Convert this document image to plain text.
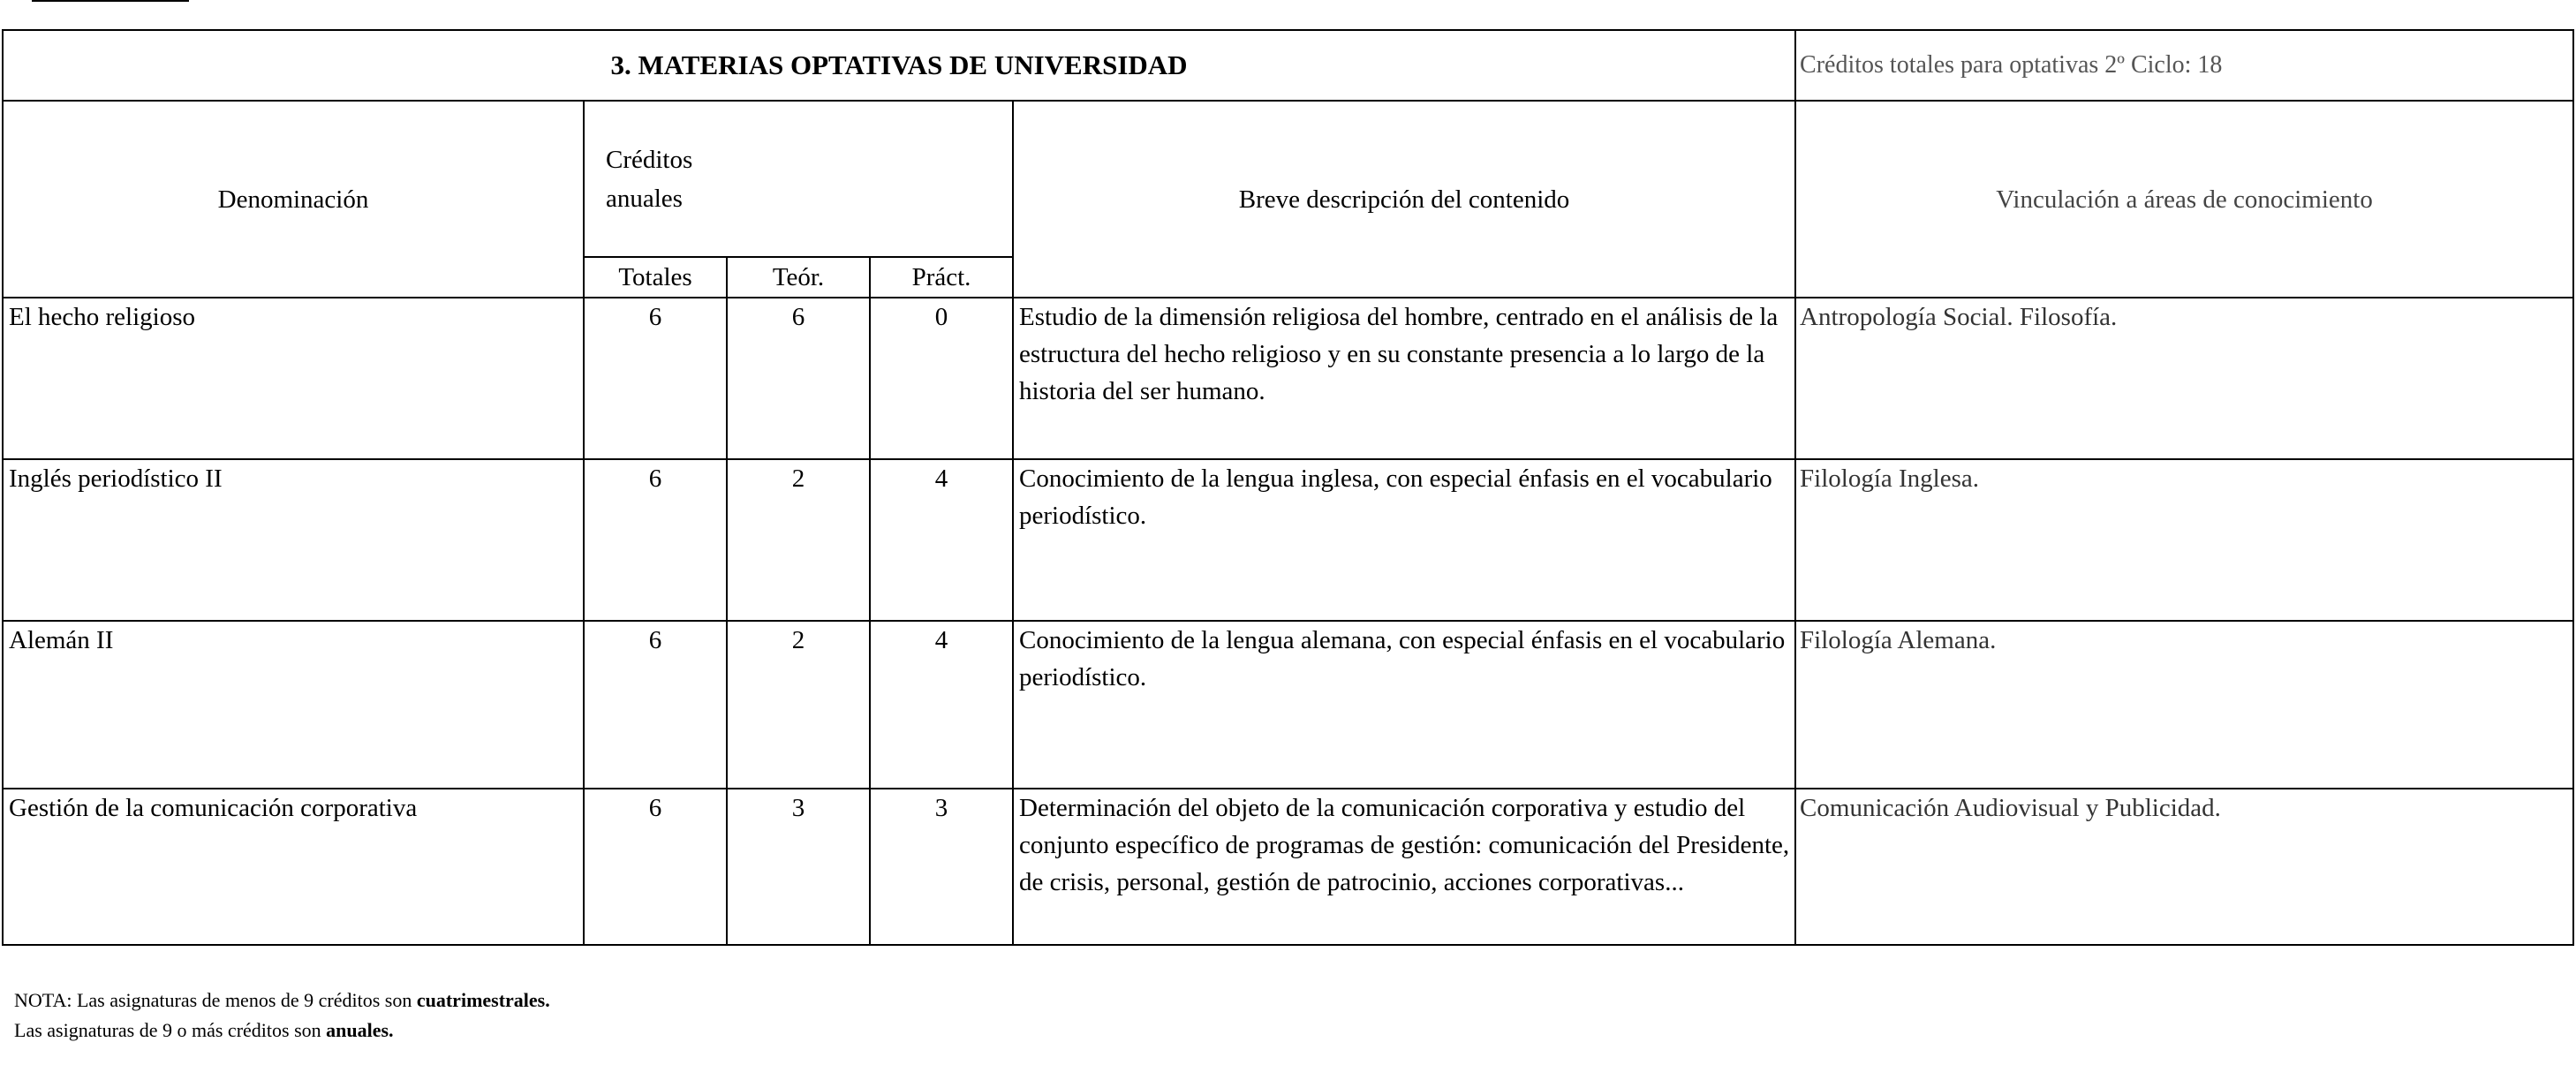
3. MATERIAS OPTATIVAS DE UNIVERSIDAD					Créditos totales para optativas 2º Ciclo: 18
Denominación	Créditos
anuales			Breve descripción del contenido	Vinculación a áreas de conocimiento
	Totales	Teór.	Práct.		
El hecho religioso	6	6	0	Estudio de la dimensión religiosa del hombre, centrado en el análisis de la estructura del hecho religioso y en su constante presencia a lo largo de la historia del ser humano.	Antropología Social. Filosofía.
Inglés periodístico II	6	2	4	Conocimiento de la lengua inglesa, con especial énfasis en el vocabulario periodístico.	Filología Inglesa.
Alemán II	6	2	4	Conocimiento de la lengua alemana, con especial énfasis en el vocabulario periodístico.	Filología Alemana.
Gestión de la comunicación corporativa	6	3	3	Determinación del objeto de la comunicación corporativa y estudio del conjunto específico de programas de gestión: comunicación del Presidente, de crisis, personal, gestión de patrocinio, acciones corporativas...	Comunicación Audiovisual y Publicidad.
NOTA: Las asignaturas de menos de 9 créditos son cuatrimestrales. Las asignaturas de 9 o más créditos son anuales.
